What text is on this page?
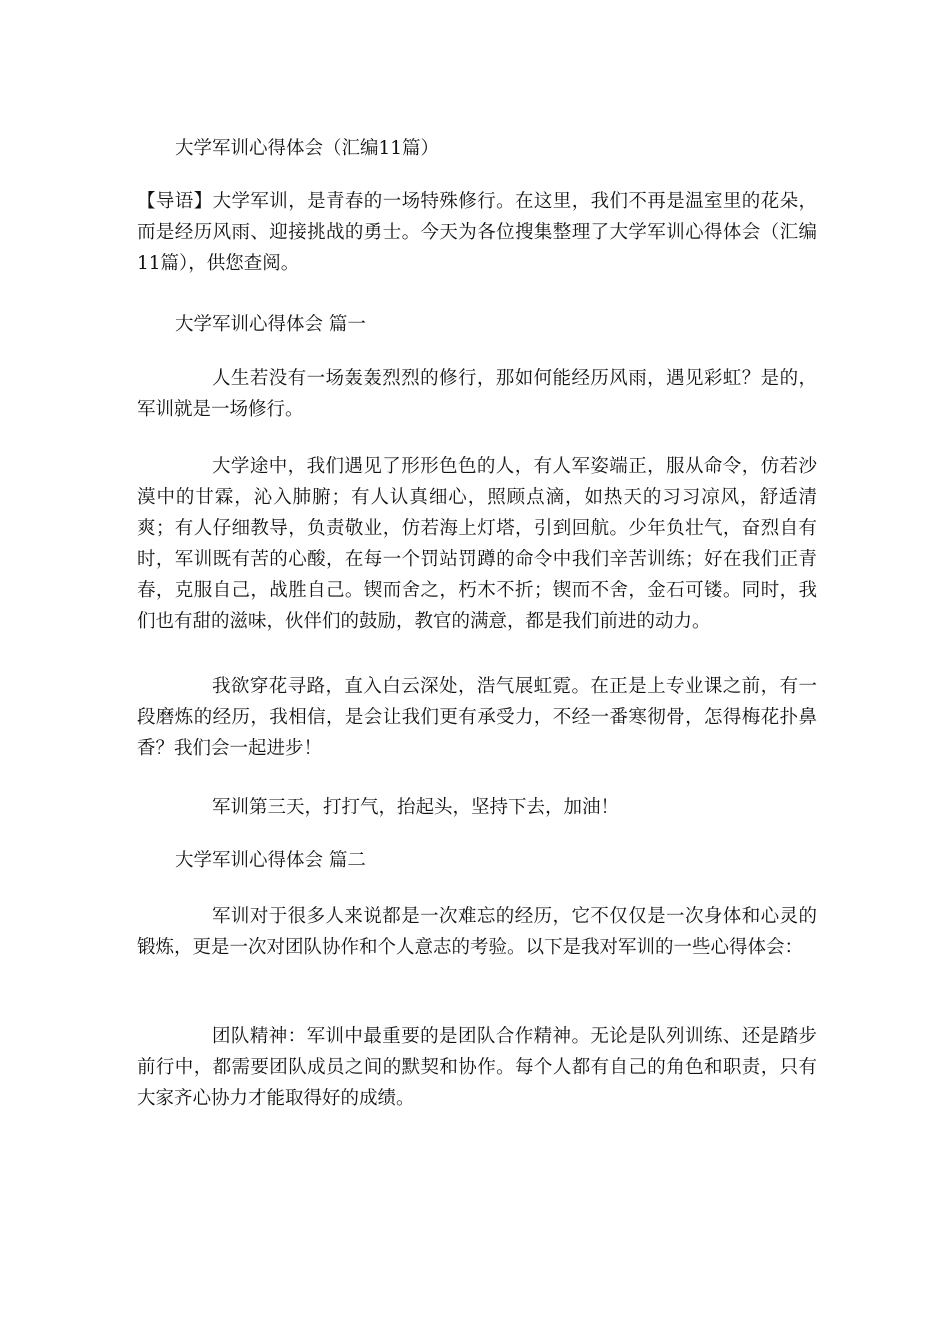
大学军训心得体会（汇编11篇）

【导语】大学军训，是青春的一场特殊修行。在这里，我们不再是温室里的花朵，而是经历风雨、迎接挑战的勇士。今天为各位搜集整理了大学军训心得体会（汇编11篇），供您查阅。

大学军训心得体会 篇一

人生若没有一场轰轰烈烈的修行，那如何能经历风雨，遇见彩虹？是的，军训就是一场修行。

大学途中，我们遇见了形形色色的人，有人军姿端正，服从命令，仿若沙漠中的甘霖，沁入肺腑；有人认真细心，照顾点滴，如热天的习习凉风，舒适清爽；有人仔细教导，负责敬业，仿若海上灯塔，引到回航。少年负壮气，奋烈自有时，军训既有苦的心酸，在每一个罚站罚蹲的命令中我们辛苦训练；好在我们正青春，克服自己，战胜自己。锲而舍之，朽木不折；锲而不舍，金石可镂。同时，我们也有甜的滋味，伙伴们的鼓励，教官的满意，都是我们前进的动力。

我欲穿花寻路，直入白云深处，浩气展虹霓。在正是上专业课之前，有一段磨炼的经历，我相信，是会让我们更有承受力，不经一番寒彻骨，怎得梅花扑鼻香？我们会一起进步！

军训第三天，打打气，抬起头，坚持下去，加油！

大学军训心得体会 篇二

军训对于很多人来说都是一次难忘的经历，它不仅仅是一次身体和心灵的锻炼，更是一次对团队协作和个人意志的考验。以下是我对军训的一些心得体会：

团队精神：军训中最重要的是团队合作精神。无论是队列训练、还是踏步前行中，都需要团队成员之间的默契和协作。每个人都有自己的角色和职责，只有大家齐心协力才能取得好的成绩。
